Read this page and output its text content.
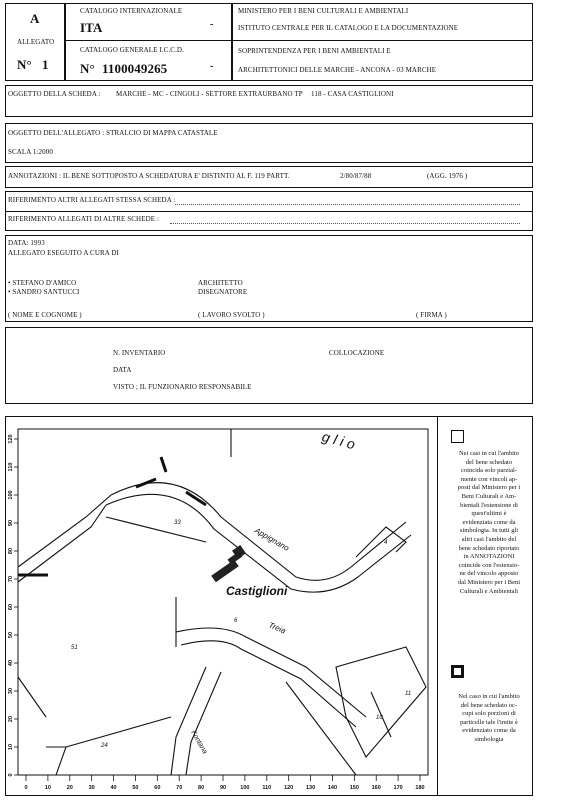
A
ALLEGATO
N° 1
CATALOGO INTERNAZIONALE
ITA	-
CATALOGO GENERALE I.C.C.D.
N° 1100049265	-
MINISTERO PER I BENI CULTURALI E AMBIENTALI
ISTITUTO CENTRALE PER IL CATALOGO E LA DOCUMENTAZIONE
SOPRINTENDENZA PER I BENI AMBIENTALI E
ARCHITETTONICI DELLE MARCHE - ANCONA - 03 MARCHE
OGGETTO DELLA SCHEDA : MARCHE - MC - CINGOLI - SETTORE EXTRAURBANO TP 118 - CASA CASTIGLIONI
OGGETTO DELL'ALLEGATO : STRALCIO DI MAPPA CATASTALE
SCALA 1:2000
ANNOTAZIONI : IL BENE SOTTOPOSTO A SCHEDATURA E' DISTINTO AL F. 119 PARTT.	2/80/87/88	(AGG. 1976 )
RIFERIMENTO ALTRI ALLEGATI STESSA SCHEDA :
RIFERIMENTO ALLEGATI DI ALTRE SCHEDE :
DATA: 1993
ALLEGATO ESEGUITO A CURA DI
• STEFANO D'AMICO	ARCHITETTO
• SANDRO SANTUCCI	DISEGNATORE
( NOME E COGNOME )	( LAVORO SVOLTO )	( FIRMA )
N. INVENTARIO	COLLOCAZIONE
DATA
VISTO ; IL FUNZIONARIO RESPONSABILE
Castiglioni
Appignano
Treia
Fontana
g l i o
33
51
24
4
10
11
6
7
0	10	20	30	40	50	60	70	80	90	100 110 120 130 140 150 160 170 180
0
10
20
30
40
50
60
70
80
90
100
110
120
Nei casi in cui l'ambito
del bene schedato
coincida solo parzial-
mente con vincoli ap-
posti dal Ministero per i
Beni Culturali e Am-
bientali l'estensione di
quest'ultimi è
evidenziata come da
simbologia. In tutti gli
altri casi l'ambito del
bene schedato riportato
in ANNOTAZIONI
coincide con l'estensio-
ne del vincolo apposto
dal Ministero per i Beni
Culturali e Ambientali
Nel caso in cui l'ambito
del bene schedato oc-
cupi solo porzioni di
particelle tale l'imite è
evidenziato come da
simbologia
